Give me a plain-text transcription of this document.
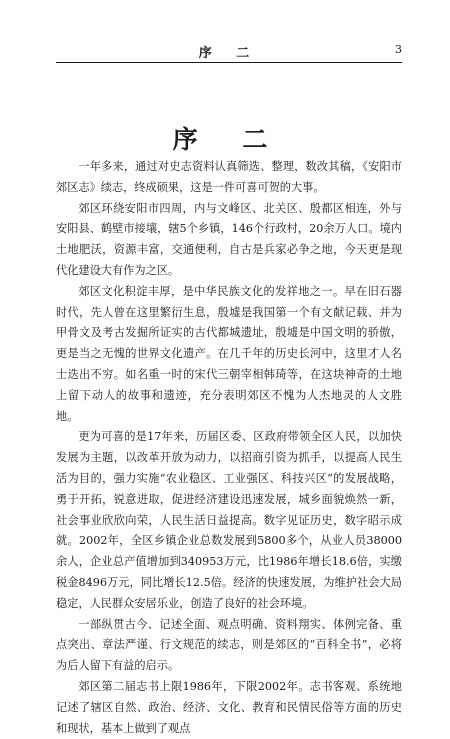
序 二	3
序 二

一年多来，通过对史志资料认真筛选、整理，数改其稿，《安阳市郊区志》续志，终成硕果，这是一件可喜可贺的大事。

郊区环绕安阳市四周，内与文峰区、北关区、殷都区相连，外与安阳县、鹤壁市接壤，辖5个乡镇，146个行政村，20余万人口。境内土地肥沃，资源丰富，交通便利，自古是兵家必争之地，今天更是现代化建设大有作为之区。

郊区文化积淀丰厚，是中华民族文化的发祥地之一。早在旧石器时代，先人曾在这里繁衍生息，殷墟是我国第一个有文献记载、并为甲骨文及考古发掘所证实的古代都城遗址，殷墟是中国文明的骄傲，更是当之无愧的世界文化遗产。在几千年的历史长河中，这里才人名士迭出不穷。如名重一时的宋代三朝宰相韩琦等，在这块神奇的土地上留下动人的故事和遗迹，充分表明郊区不愧为人杰地灵的人文胜地。

更为可喜的是17年来，历届区委、区政府带领全区人民，以加快发展为主题，以改革开放为动力，以招商引资为抓手，以提高人民生活为目的，强力实施“农业稳区、工业强区、科技兴区”的发展战略，勇于开拓，锐意进取，促进经济建设迅速发展，城乡面貌焕然一新，社会事业欣欣向荣，人民生活日益提高。数字见证历史，数字昭示成就。2002年，全区乡镇企业总数发展到5800多个，从业人员38000余人，企业总产值增加到340953万元，比1986年增长18.6倍，实缴税金8496万元，同比增长12.5倍。经济的快速发展，为维护社会大局稳定，人民群众安居乐业，创造了良好的社会环境。

一部纵贯古今、记述全面、观点明确、资料翔实、体例完备、重点突出、章法严谨、行文规范的续志，则是郊区的“百科全书”，必将为后人留下有益的启示。

郊区第二届志书上限1986年，下限2002年。志书客观、系统地记述了辖区自然、政治、经济、文化、教育和民情民俗等方面的历史和现状，基本上做到了观点
